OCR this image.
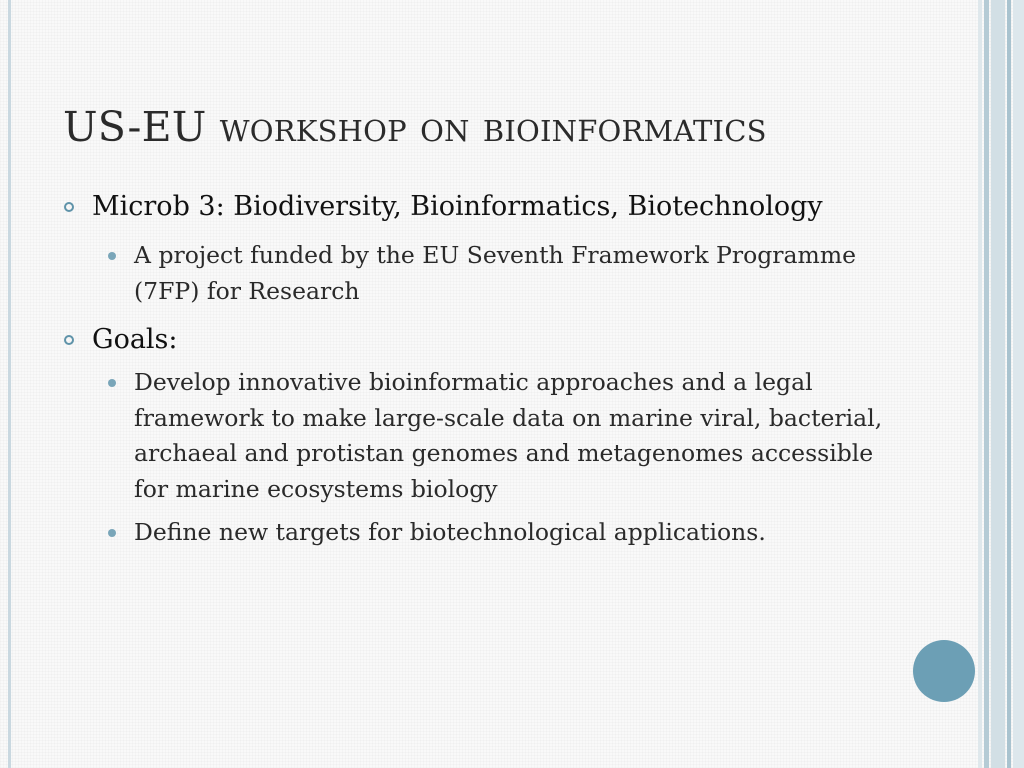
US-EU workshop on bioinformatics
Microb 3: Biodiversity, Bioinformatics, Biotechnology
A project funded by the EU Seventh Framework Programme (7FP) for Research
Goals:
Develop innovative bioinformatic approaches and a legal framework to make large-scale data on marine viral, bacterial, archaeal and protistan genomes and metagenomes accessible for marine ecosystems biology
Define new targets for biotechnological applications.
